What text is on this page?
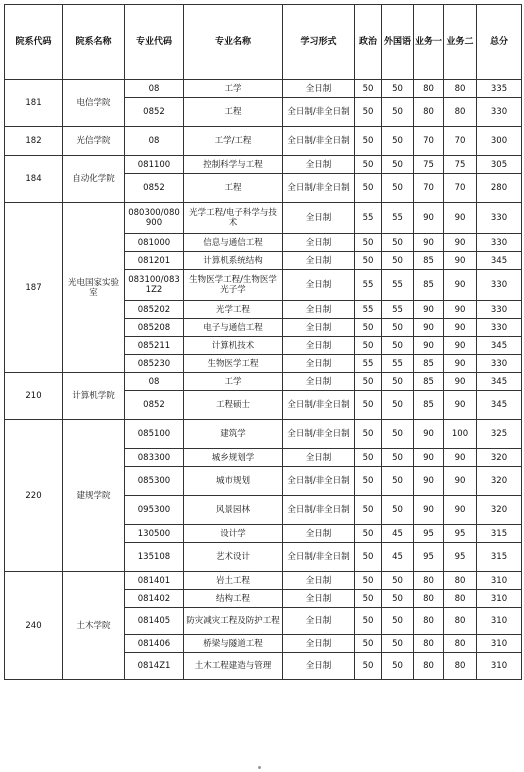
院系代码	院系名称	专业代码	专业名称	学习形式	政治	外国语	业务一	业务二	总分
181	电信学院	08	工学	全日制	50	50	80	80	335
		0852	工程	全日制/非全日制	50	50	80	80	330
182	光信学院	08	工学/工程	全日制/非全日制	50	50	70	70	300
184	自动化学院	081100	控制科学与工程	全日制	50	50	75	75	305
		0852	工程	全日制/非全日制	50	50	70	70	280
187	光电国家实验室	080300/080900	光学工程/电子科学与技术	全日制	55	55	90	90	330
		081000	信息与通信工程	全日制	50	50	90	90	330
		081201	计算机系统结构	全日制	50	50	85	90	345
		083100/0831Z2	生物医学工程/生物医学光子学	全日制	55	55	85	90	330
		085202	光学工程	全日制	55	55	90	90	330
		085208	电子与通信工程	全日制	50	50	90	90	330
		085211	计算机技术	全日制	50	50	90	90	345
		085230	生物医学工程	全日制	55	55	85	90	330
210	计算机学院	08	工学	全日制	50	50	85	90	345
		0852	工程硕士	全日制/非全日制	50	50	85	90	345
220	建规学院	085100	建筑学	全日制/非全日制	50	50	90	100	325
		083300	城乡规划学	全日制	50	50	90	90	320
		085300	城市规划	全日制/非全日制	50	50	90	90	320
		095300	风景园林	全日制/非全日制	50	50	90	90	320
		130500	设计学	全日制	50	45	95	95	315
		135108	艺术设计	全日制/非全日制	50	45	95	95	315
240	土木学院	081401	岩土工程	全日制	50	50	80	80	310
		081402	结构工程	全日制	50	50	80	80	310
		081405	防灾减灾工程及防护工程	全日制	50	50	80	80	310
		081406	桥梁与隧道工程	全日制	50	50	80	80	310
		0814Z1	土木工程建造与管理	全日制	50	50	80	80	310
